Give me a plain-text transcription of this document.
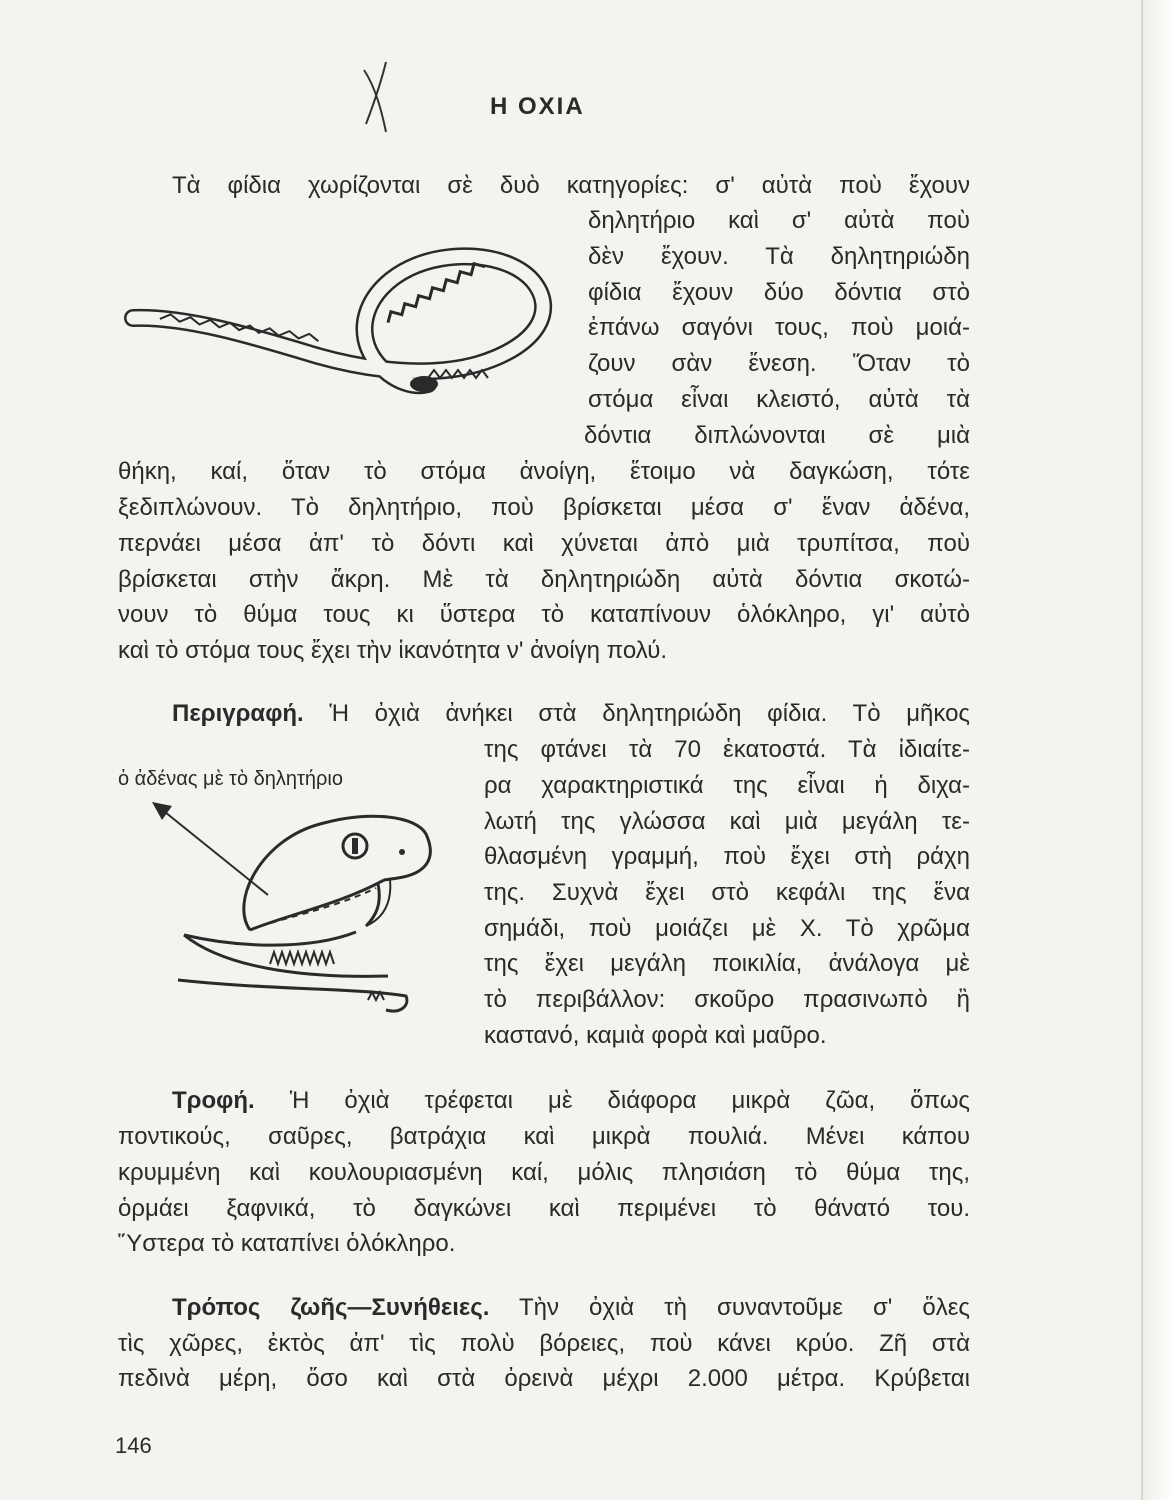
Η ΟΧΙΑ

Τὰ φίδια χωρίζονται σὲ δυὸ κατηγορίες: σ' αὐτὰ ποὺ ἔχουν

δηλητήριο καὶ σ' αὐτὰ ποὺ

δὲν ἔχουν. Τὰ δηλητηριώδη

φίδια ἔχουν δύο δόντια στὸ

ἐπάνω σαγόνι τους, ποὺ μοιά-

ζουν σὰν ἔνεση. Ὅταν τὸ

στόμα εἶναι κλειστό, αὐτὰ τὰ

δόντια διπλώνονται σὲ μιὰ

θήκη, καί, ὅταν τὸ στόμα ἀνοίγη, ἕτοιμο νὰ δαγκώση, τότε

ξεδιπλώνουν. Τὸ δηλητήριο, ποὺ βρίσκεται μέσα σ' ἕναν ἀδένα,

περνάει μέσα ἀπ' τὸ δόντι καὶ χύνεται ἀπὸ μιὰ τρυπίτσα, ποὺ

βρίσκεται στὴν ἄκρη. Μὲ τὰ δηλητηριώδη αὐτὰ δόντια σκοτώ-

νουν τὸ θύμα τους κι ὕστερα τὸ καταπίνουν ὁλόκληρο, γι' αὐτὸ

καὶ τὸ στόμα τους ἔχει τὴν ἱκανότητα ν' ἀνοίγη πολύ.

Περιγραφή. Ἡ ὀχιὰ ἀνήκει στὰ δηλητηριώδη φίδια. Τὸ μῆκος

της φτάνει τὰ 70 ἑκατοστά. Τὰ ἰδιαίτε-

ρα χαρακτηριστικά της εἶναι ἡ διχα-

λωτή της γλώσσα καὶ μιὰ μεγάλη τε-

θλασμένη γραμμή, ποὺ ἔχει στὴ ράχη

της. Συχνὰ ἔχει στὸ κεφάλι της ἕνα

σημάδι, ποὺ μοιάζει μὲ Χ. Τὸ χρῶμα

της ἔχει μεγάλη ποικιλία, ἀνάλογα μὲ

τὸ περιβάλλον: σκοῦρο πρασινωπὸ ἢ

καστανό, καμιὰ φορὰ καὶ μαῦρο.

ὁ ἀδένας μὲ τὸ δηλητήριο

Τροφή. Ἡ ὀχιὰ τρέφεται μὲ διάφορα μικρὰ ζῶα, ὅπως

ποντικούς, σαῦρες, βατράχια καὶ μικρὰ πουλιά. Μένει κάπου

κρυμμένη καὶ κουλουριασμένη καί, μόλις πλησιάση τὸ θύμα της,

ὁρμάει ξαφνικά, τὸ δαγκώνει καὶ περιμένει τὸ θάνατό του.

Ὕστερα τὸ καταπίνει ὁλόκληρο.

Τρόπος ζωῆς—Συνήθειες. Τὴν ὀχιὰ τὴ συναντοῦμε σ' ὅλες

τὶς χῶρες, ἐκτὸς ἀπ' τὶς πολὺ βόρειες, ποὺ κάνει κρύο. Ζῆ στὰ

πεδινὰ μέρη, ὅσο καὶ στὰ ὀρεινὰ μέχρι 2.000 μέτρα. Κρύβεται

146
